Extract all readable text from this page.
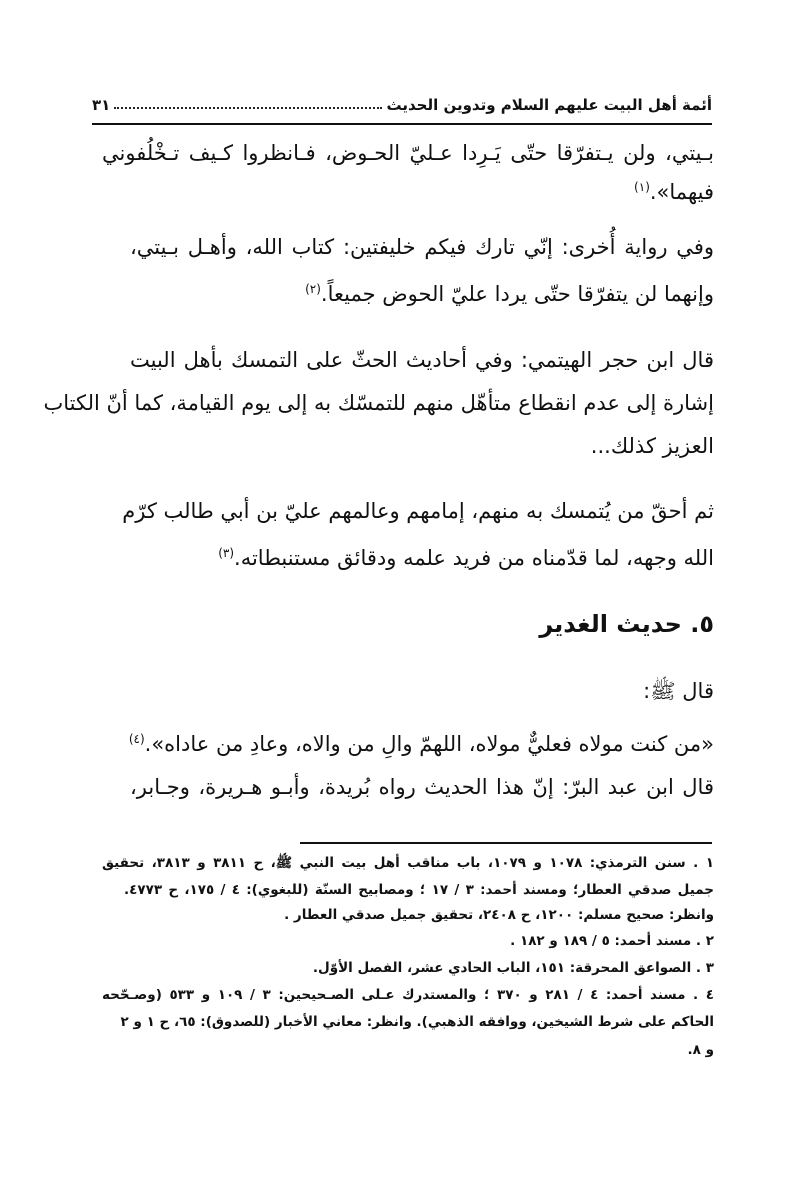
أئمة أهل البيت عليهم السلام وتدوين الحديث
٣١
بـيتي، ولن يـتفرّقا حتّى يَـرِدا عـليّ الحـوض، فـانظروا كـيف تـخْلُفوني
فيهما».$^{(١)}$
وفي رواية أُخرى: إنّي تارك فيكم خليفتين: كتاب الله، وأهـل بـيتي،
وإنهما لن يتفرّقا حتّى يردا عليّ الحوض جميعاً.$^{(٢)}$
قال ابن حجر الهيتمي: وفي أحاديث الحثّ على التمسك بأهل البيت
إشارة إلى عدم انقطاع متأهّل منهم للتمسّك به إلى يوم القيامة، كما أنّ الكتاب
العزيز كذلك...
ثم أحقّ من يُتمسك به منهم، إمامهم وعالمهم عليّ بن أبي طالب كرّم
الله وجهه، لما قدّمناه من فريد علمه ودقائق مستنبطاته.$^{(٣)}$
٥. حديث الغدير
قال ﷺ:
«من كنت مولاه فعليٌّ مولاه، اللهمّ والِ من والاه، وعادِ من عاداه».$^{(٤)}$
قال ابن عبد البرّ: إنّ هذا الحديث رواه بُريدة، وأبـو هـريرة، وجـابر،
١ . سنن الترمذي: ١٠٧٨ و ١٠٧٩، باب مناقب أهل بيت النبي ﷺ، ح ٣٨١١ و ٣٨١٣، تحقيق
جميل صدقي العطار؛ ومسند أحمد: ٣ / ١٧ ؛ ومصابيح السنّة (للبغوي): ٤ / ١٧٥، ح ٤٧٧٣.
وانظر: صحيح مسلم: ١٢٠٠، ح ٢٤٠٨، تحقيق جميل صدقي العطار .
٢ . مسند أحمد: ٥ / ١٨٩ و ١٨٢ .
٣ . الصواعق المحرقة: ١٥١، الباب الحادي عشر، الفصل الأوّل.
٤ . مسند أحمد: ٤ / ٢٨١ و ٣٧٠ ؛ والمستدرك عـلى الصـحيحين: ٣ / ١٠٩ و ٥٣٣ (وصـحّحه
الحاكم على شرط الشيخين، ووافقه الذهبي). وانظر: معاني الأخبار (للصدوق): ٦٥، ح ١ و ٢
و ٨.
